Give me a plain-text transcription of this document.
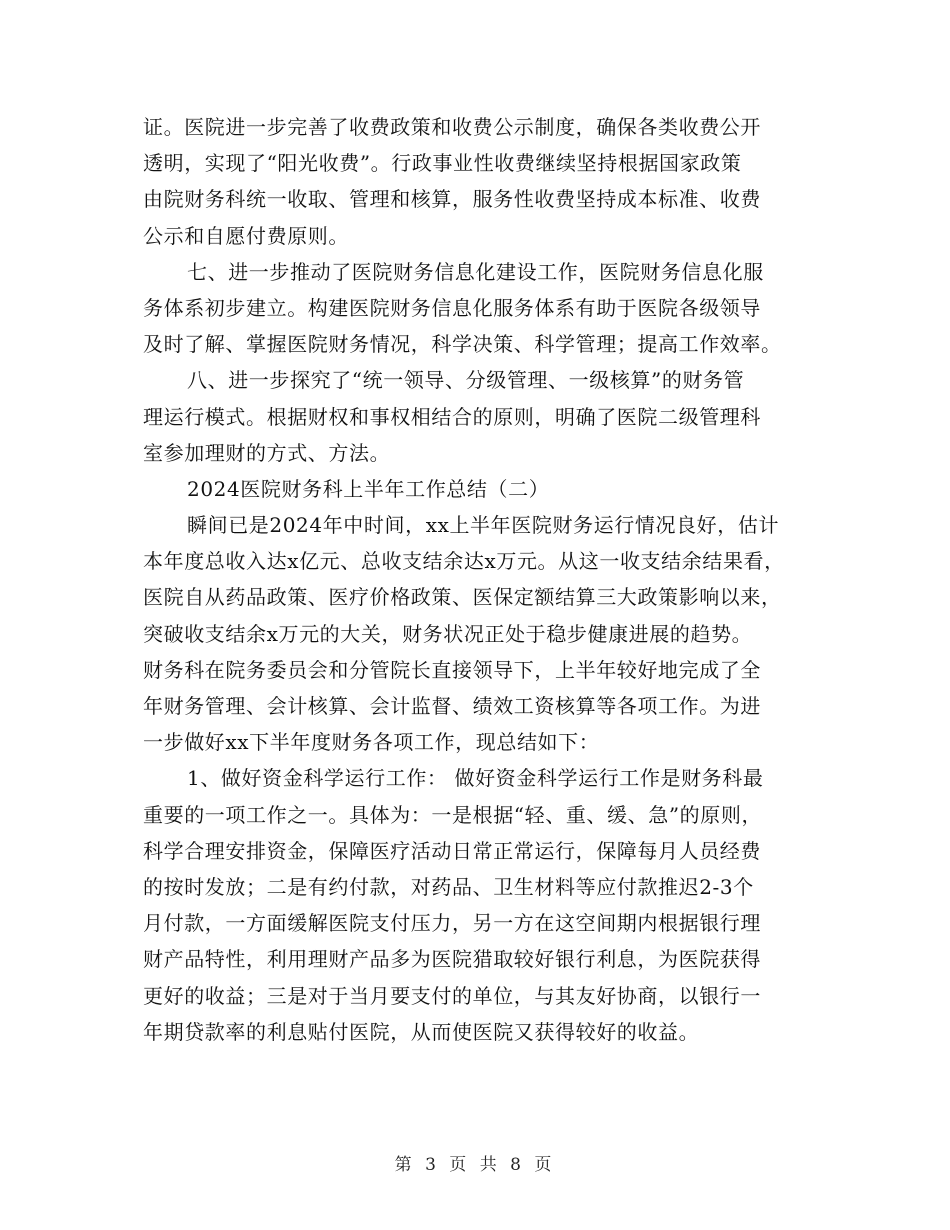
证。医院进一步完善了收费政策和收费公示制度，确保各类收费公开
透明，实现了“阳光收费”。行政事业性收费继续坚持根据国家政策
由院财务科统一收取、管理和核算，服务性收费坚持成本标准、收费
公示和自愿付费原则。
七、进一步推动了医院财务信息化建设工作，医院财务信息化服
务体系初步建立。构建医院财务信息化服务体系有助于医院各级领导
及时了解、掌握医院财务情况，科学决策、科学管理；提高工作效率。
八、进一步探究了“统一领导、分级管理、一级核算”的财务管
理运行模式。根据财权和事权相结合的原则，明确了医院二级管理科
室参加理财的方式、方法。
2024医院财务科上半年工作总结（二）
瞬间已是2024年中时间，xx上半年医院财务运行情况良好，估计
本年度总收入达x亿元、总收支结余达x万元。从这一收支结余结果看，
医院自从药品政策、医疗价格政策、医保定额结算三大政策影响以来，
突破收支结余x万元的大关，财务状况正处于稳步健康进展的趋势。
财务科在院务委员会和分管院长直接领导下，上半年较好地完成了全
年财务管理、会计核算、会计监督、绩效工资核算等各项工作。为进
一步做好xx下半年度财务各项工作，现总结如下：
1、做好资金科学运行工作： 做好资金科学运行工作是财务科最
重要的一项工作之一。具体为：一是根据“轻、重、缓、急”的原则，
科学合理安排资金，保障医疗活动日常正常运行，保障每月人员经费
的按时发放；二是有约付款，对药品、卫生材料等应付款推迟2-3个
月付款，一方面缓解医院支付压力，另一方在这空间期内根据银行理
财产品特性，利用理财产品多为医院猎取较好银行利息，为医院获得
更好的收益；三是对于当月要支付的单位，与其友好协商，以银行一
年期贷款率的利息贴付医院，从而使医院又获得较好的收益。
第 3 页 共 8 页
